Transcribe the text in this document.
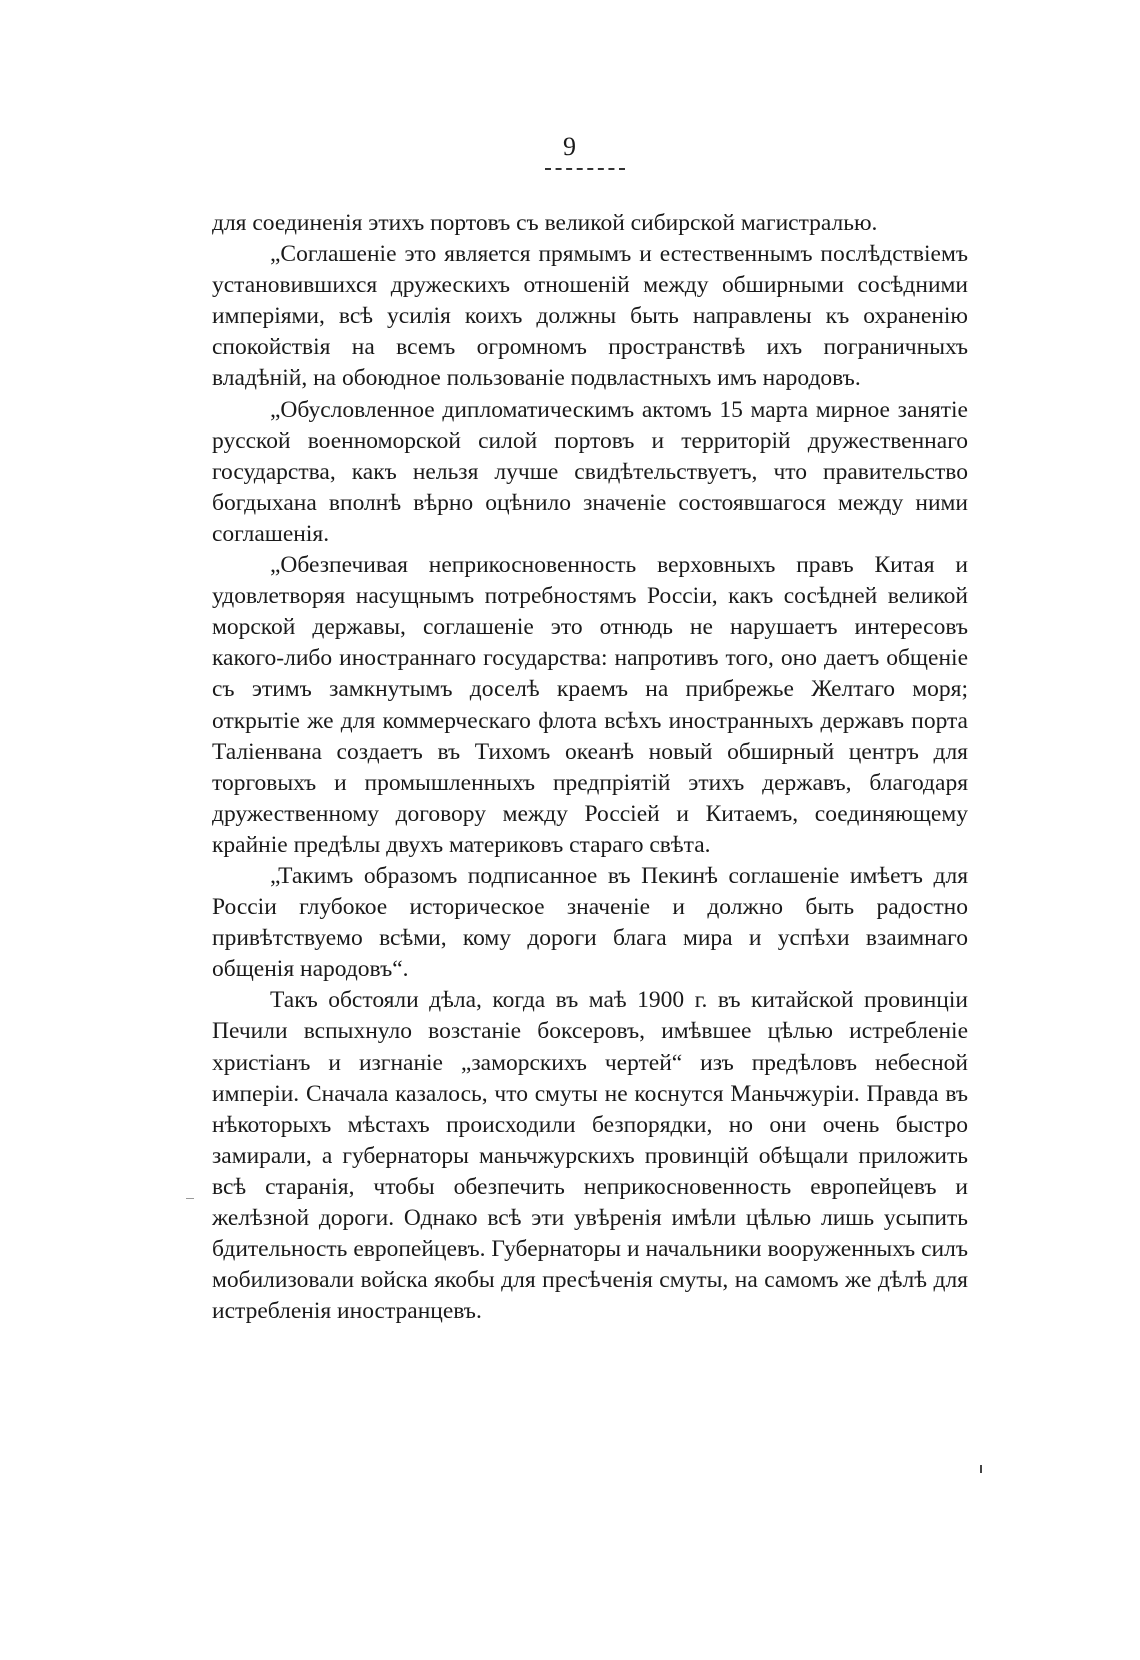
9

для соединенія этихъ портовъ съ великой сибирской магистралью.

„Соглашеніе это является прямымъ и естественнымъ послѣдствіемъ установившихся дружескихъ отношеній между обширными сосѣдними имперіями, всѣ усилія коихъ должны быть направлены къ охраненію спокойствія на всемъ огромномъ пространствѣ ихъ пограничныхъ владѣній, на обоюдное пользованіе подвластныхъ имъ народовъ.

„Обусловленное дипломатическимъ актомъ 15 марта мирное занятіе русской военноморской силой портовъ и территорій дружественнаго государства, какъ нельзя лучше свидѣтельствуетъ, что правительство богдыхана вполнѣ вѣрно оцѣнило значеніе состоявшагося между ними соглашенія.

„Обезпечивая неприкосновенность верховныхъ правъ Китая и удовлетворяя насущнымъ потребностямъ Россіи, какъ сосѣдней великой морской державы, соглашеніе это отнюдь не нарушаетъ интересовъ какого-либо иностраннаго государства: напротивъ того, оно даетъ общеніе съ этимъ замкнутымъ доселѣ краемъ на прибрежье Желтаго моря; открытіе же для коммерческаго флота всѣхъ иностранныхъ державъ порта Таліенвана создаетъ въ Тихомъ океанѣ новый обширный центръ для торговыхъ и промышленныхъ предпріятій этихъ державъ, благодаря дружественному договору между Россіей и Китаемъ, соединяющему крайніе предѣлы двухъ материковъ стараго свѣта.

„Такимъ образомъ подписанное въ Пекинѣ соглашеніе имѣетъ для Россіи глубокое историческое значеніе и должно быть радостно привѣтствуемо всѣми, кому дороги блага мира и успѣхи взаимнаго общенія народовъ“.

Такъ обстояли дѣла, когда въ маѣ 1900 г. въ китайской провинціи Печили вспыхнуло возстаніе боксеровъ, имѣвшее цѣлью истребленіе христіанъ и изгнаніе „заморскихъ чертей“ изъ предѣловъ небесной имперіи. Сначала казалось, что смуты не коснутся Маньчжуріи. Правда въ нѣкоторыхъ мѣстахъ происходили безпорядки, но они очень быстро замирали, а губернаторы маньчжурскихъ провинцій обѣщали приложить всѣ старанія, чтобы обезпечить неприкосновенность европейцевъ и желѣзной дороги. Однако всѣ эти увѣренія имѣли цѣлью лишь усыпить бдительность европейцевъ. Губернаторы и начальники вооруженныхъ силъ мобилизовали войска якобы для пресѣченія смуты, на самомъ же дѣлѣ для истребленія иностранцевъ.
